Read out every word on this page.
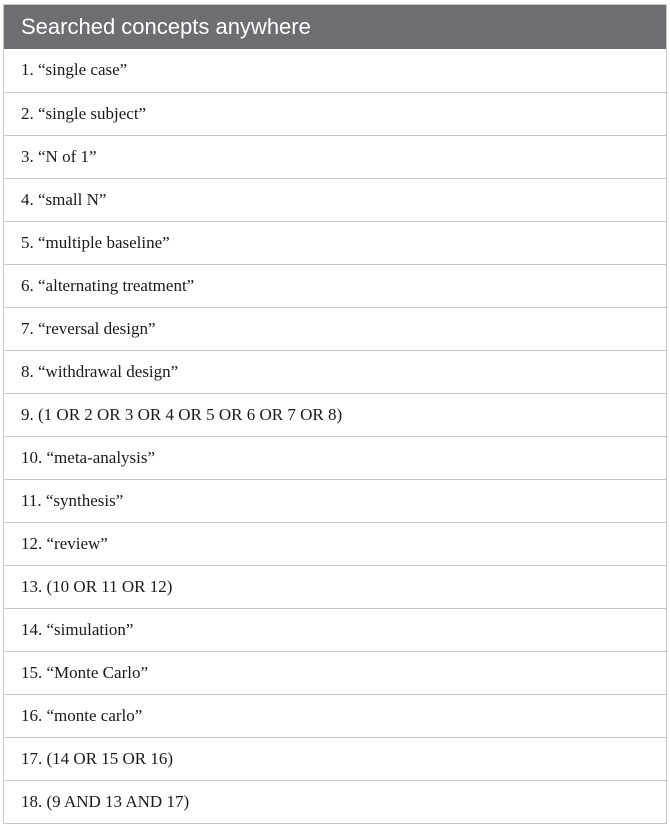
Searched concepts anywhere
1. “single case”
2. “single subject”
3. “N of 1”
4. “small N”
5. “multiple baseline”
6. “alternating treatment”
7. “reversal design”
8. “withdrawal design”
9. (1 OR 2 OR 3 OR 4 OR 5 OR 6 OR 7 OR 8)
10. “meta-analysis”
11. “synthesis”
12. “review”
13. (10 OR 11 OR 12)
14. “simulation”
15. “Monte Carlo”
16. “monte carlo”
17. (14 OR 15 OR 16)
18. (9 AND 13 AND 17)
